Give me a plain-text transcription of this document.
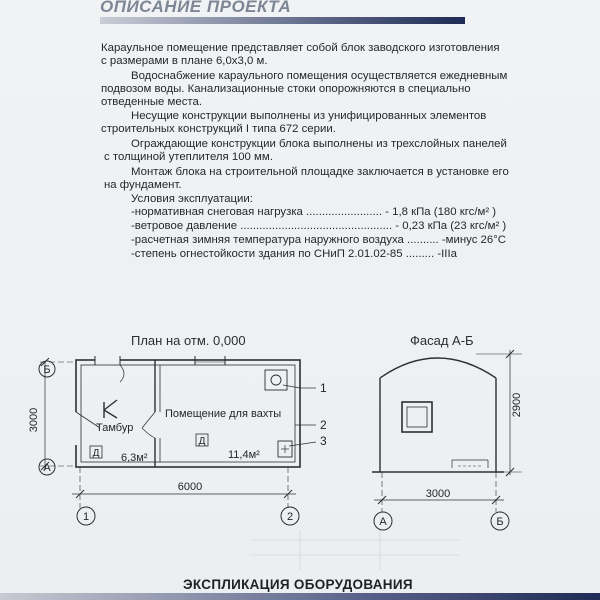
ОПИСАНИЕ ПРОЕКТА
Караульное помещение представляет собой блок заводского изготовления
с размерами в плане 6,0х3,0 м.
Водоснабжение караульного помещения осуществляется ежедневным
подвозом воды. Канализационные стоки опорожняются в специально
отведенные места.
Несущие конструкции выполнены из унифицированных элементов
строительных конструкций I типа 672 серии.
Ограждающие конструкции блока выполнены из трехслойных панелей
с толщиной утеплителя 100 мм.
Монтаж блока на строительной площадке заключается в установке его
на фундамент.
Условия эксплуатации:
-нормативная снеговая нагрузка ........................ - 1,8 кПа (180 кгс/м² )
-ветровое давление ................................................ - 0,23 кПа (23 кгс/м² )
-расчетная зимняя температура наружного воздуха .......... -минус 26°С
-степень огнестойкости здания по СНиП 2.01.02-85 ......... -IIIa
План на отм. 0,000	Фасад А-Б
Б
А
1	2
3000
6000
Тамбур
6,3м²
Помещение для вахты
11,4м²
Д
Д
1
2
3
2900
3000
А	Б
ЭКСПЛИКАЦИЯ ОБОРУДОВАНИЯ
